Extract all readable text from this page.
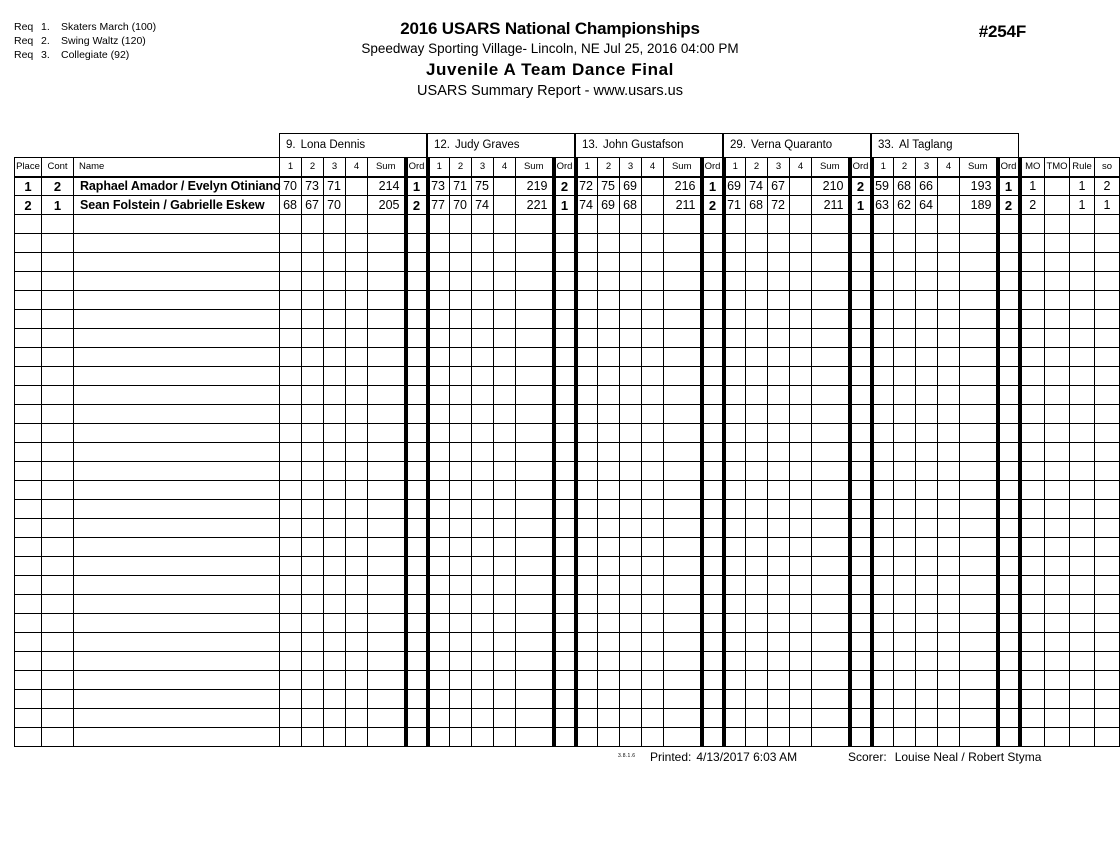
Req 1. Skaters March (100)
Req 2. Swing Waltz (120)
Req 3. Collegiate (92)
2016 USARS National Championships
Speedway Sporting Village- Lincoln, NE Jul 25, 2016 04:00 PM
Juvenile A Team Dance Final
USARS Summary Report - www.usars.us
#254F
9. Lona Dennis	12. Judy Graves	13. John Gustafson	29. Verna Quaranto	33. Al Taglang
Place	Cont	Name	1	2	3	4	Sum	Ord	1	2	3	4	Sum	Ord	1	2	3	4	Sum	Ord	1	2	3	4	Sum	Ord	1	2	3	4	Sum	Ord	MO	TMO	Rule	so
1	2	Raphael Amador / Evelyn Otiniano	70	73	71		214	1	73	71	75		219	2	72	75	69		216	1	69	74	67		210	2	59	68	66		193	1	1		1	2
2	1	Sean Folstein / Gabrielle Eskew	68	67	70		205	2	77	70	74		221	1	74	69	68		211	2	71	68	72		211	1	63	62	64		189	2	2		1	1

3.8.1.6 Printed: 4/13/2017 6:03 AM	Scorer: Louise Neal / Robert Styma
